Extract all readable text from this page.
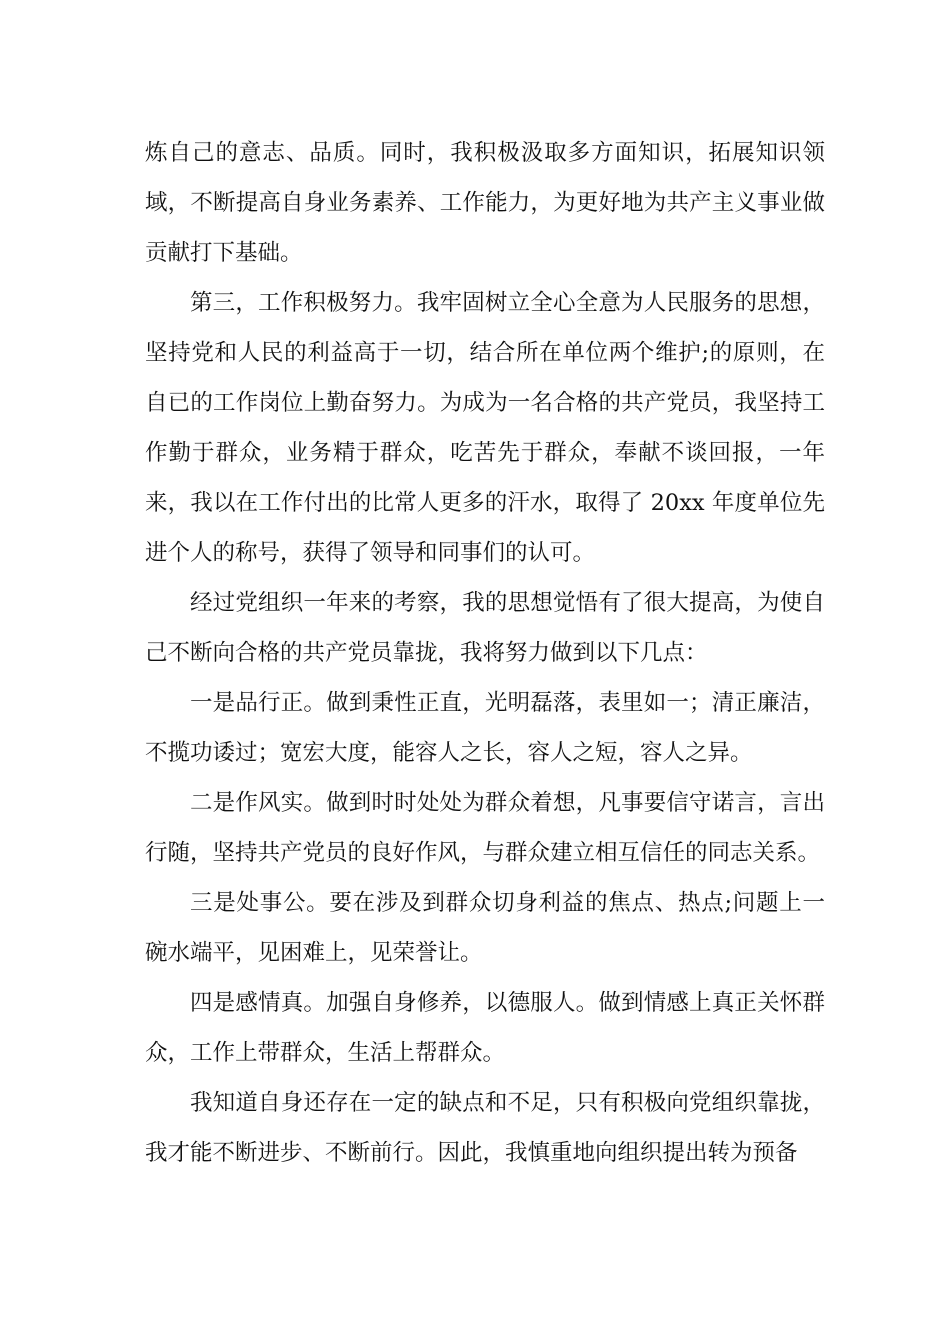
炼自己的意志、品质。同时，我积极汲取多方面知识，拓展知识领域，不断提高自身业务素养、工作能力，为更好地为共产主义事业做贡献打下基础。

第三，工作积极努力。我牢固树立全心全意为人民服务的思想，坚持党和人民的利益高于一切，结合所在单位两个维护;的原则，在自已的工作岗位上勤奋努力。为成为一名合格的共产党员，我坚持工作勤于群众，业务精于群众，吃苦先于群众，奉献不谈回报，一年来，我以在工作付出的比常人更多的汗水，取得了 20xx 年度单位先进个人的称号，获得了领导和同事们的认可。

经过党组织一年来的考察，我的思想觉悟有了很大提高，为使自己不断向合格的共产党员靠拢，我将努力做到以下几点：

一是品行正。做到秉性正直，光明磊落，表里如一；清正廉洁，不揽功诿过；宽宏大度，能容人之长，容人之短，容人之异。

二是作风实。做到时时处处为群众着想，凡事要信守诺言，言出行随，坚持共产党员的良好作风，与群众建立相互信任的同志关系。

三是处事公。要在涉及到群众切身利益的焦点、热点;问题上一碗水端平，见困难上，见荣誉让。

四是感情真。加强自身修养，以德服人。做到情感上真正关怀群众，工作上带群众，生活上帮群众。

我知道自身还存在一定的缺点和不足，只有积极向党组织靠拢，我才能不断进步、不断前行。因此，我慎重地向组织提出转为预备
